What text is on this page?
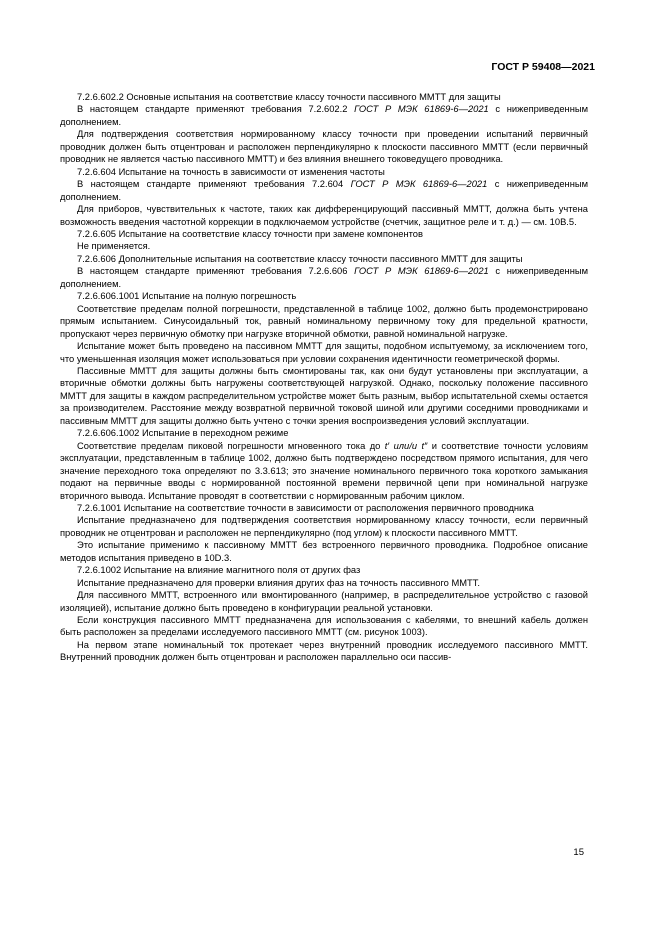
ГОСТ Р 59408—2021

7.2.6.602.2 Основные испытания на соответствие классу точности пассивного ММТТ для защиты

В настоящем стандарте применяют требования 7.2.602.2 ГОСТ Р МЭК 61869-6—2021 с нижеприведенным дополнением.

Для подтверждения соответствия нормированному классу точности при проведении испытаний первичный проводник должен быть отцентрован и расположен перпендикулярно к плоскости пассивного ММТТ (если первичный проводник не является частью пассивного ММТТ) и без влияния внешнего токоведущего проводника.

7.2.6.604 Испытание на точность в зависимости от изменения частоты

В настоящем стандарте применяют требования 7.2.604 ГОСТ Р МЭК 61869-6—2021 с нижеприведенным дополнением.

Для приборов, чувствительных к частоте, таких как дифференцирующий пассивный ММТТ, должна быть учтена возможность введения частотной коррекции в подключаемом устройстве (счетчик, защитное реле и т. д.) — см. 10В.5.

7.2.6.605 Испытание на соответствие классу точности при замене компонентов

Не применяется.

7.2.6.606 Дополнительные испытания на соответствие классу точности пассивного ММТТ для защиты

В настоящем стандарте применяют требования 7.2.6.606 ГОСТ Р МЭК 61869-6—2021 с нижеприведенным дополнением.

7.2.6.606.1001 Испытание на полную погрешность

Соответствие пределам полной погрешности, представленной в таблице 1002, должно быть продемонстрировано прямым испытанием. Синусоидальный ток, равный номинальному первичному току для предельной кратности, пропускают через первичную обмотку при нагрузке вторичной обмотки, равной номинальной нагрузке.

Испытание может быть проведено на пассивном ММТТ для защиты, подобном испытуемому, за исключением того, что уменьшенная изоляция может использоваться при условии сохранения идентичности геометрической формы.

Пассивные ММТТ для защиты должны быть смонтированы так, как они будут установлены при эксплуатации, а вторичные обмотки должны быть нагружены соответствующей нагрузкой. Однако, поскольку положение пассивного ММТТ для защиты в каждом распределительном устройстве может быть разным, выбор испытательной схемы остается за производителем. Расстояние между возвратной первичной токовой шиной или другими соседними проводниками и пассивным ММТТ для защиты должно быть учтено с точки зрения воспроизведения условий эксплуатации.

7.2.6.606.1002 Испытание в переходном режиме

Соответствие пределам пиковой погрешности мгновенного тока до t′ или/и t″ и соответствие точности условиям эксплуатации, представленным в таблице 1002, должно быть подтверждено посредством прямого испытания, для чего значение переходного тока определяют по 3.3.613; это значение номинального первичного тока короткого замыкания подают на первичные вводы с нормированной постоянной времени первичной цепи при номинальной нагрузке вторичного вывода. Испытание проводят в соответствии с нормированным рабочим циклом.

7.2.6.1001 Испытание на соответствие точности в зависимости от расположения первичного проводника

Испытание предназначено для подтверждения соответствия нормированному классу точности, если первичный проводник не отцентрован и расположен не перпендикулярно (под углом) к плоскости пассивного ММТТ.

Это испытание применимо к пассивному ММТТ без встроенного первичного проводника. Подробное описание методов испытания приведено в 10D.3.

7.2.6.1002 Испытание на влияние магнитного поля от других фаз

Испытание предназначено для проверки влияния других фаз на точность пассивного ММТТ.

Для пассивного ММТТ, встроенного или вмонтированного (например, в распределительное устройство с газовой изоляцией), испытание должно быть проведено в конфигурации реальной установки.

Если конструкция пассивного ММТТ предназначена для использования с кабелями, то внешний кабель должен быть расположен за пределами исследуемого пассивного ММТТ (см. рисунок 1003).

На первом этапе номинальный ток протекает через внутренний проводник исследуемого пассивного ММТТ. Внутренний проводник должен быть отцентрован и расположен параллельно оси пассив-

15
